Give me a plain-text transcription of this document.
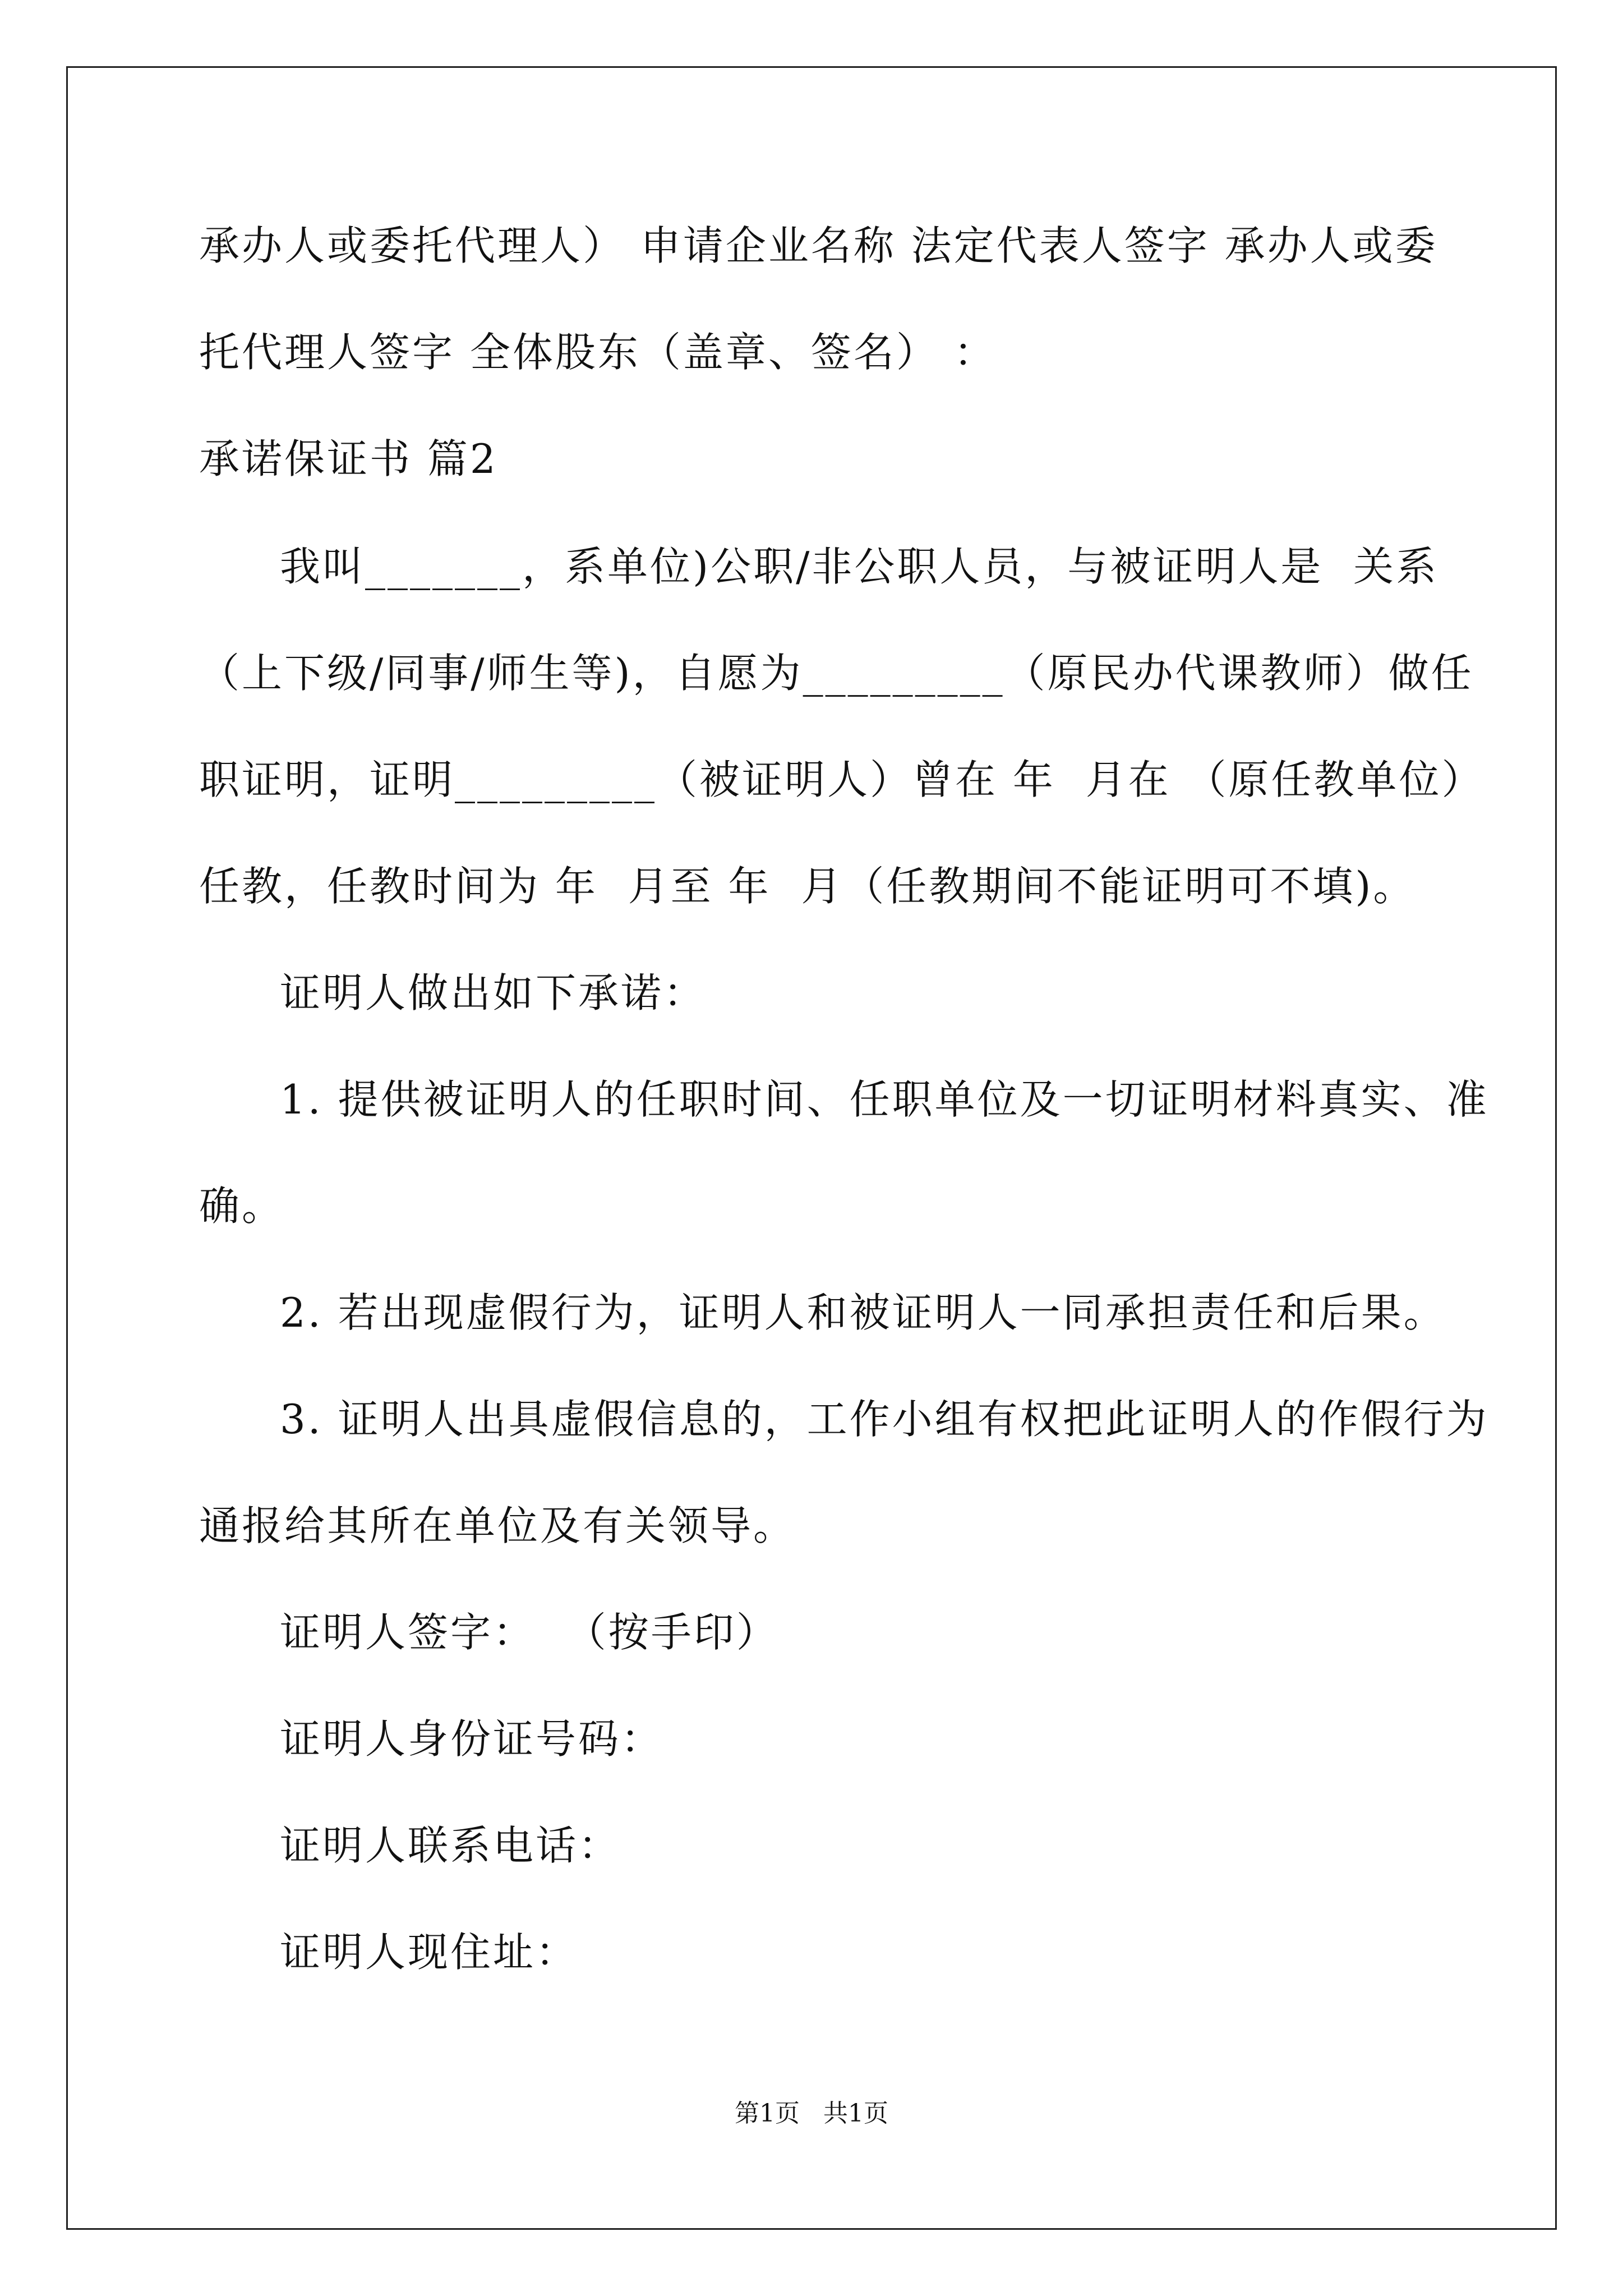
承办人或委托代理人） 申请企业名称 法定代表人签字 承办人或委
托代理人签字 全体股东（盖章、签名） ：
承诺保证书 篇2
我叫_______，系单位)公职/非公职人员，与被证明人是  关系
（上下级/同事/师生等)，自愿为_________（原民办代课教师）做任
职证明，证明_________（被证明人）曾在 年  月在 （原任教单位）
任教，任教时间为 年  月至 年  月（任教期间不能证明可不填)。
证明人做出如下承诺：
1. 提供被证明人的任职时间、任职单位及一切证明材料真实、准
确。
2. 若出现虚假行为，证明人和被证明人一同承担责任和后果。
3. 证明人出具虚假信息的，工作小组有权把此证明人的作假行为
通报给其所在单位及有关领导。
证明人签字：  （按手印）
证明人身份证号码：
证明人联系电话：
证明人现住址：
第1页   共1页
